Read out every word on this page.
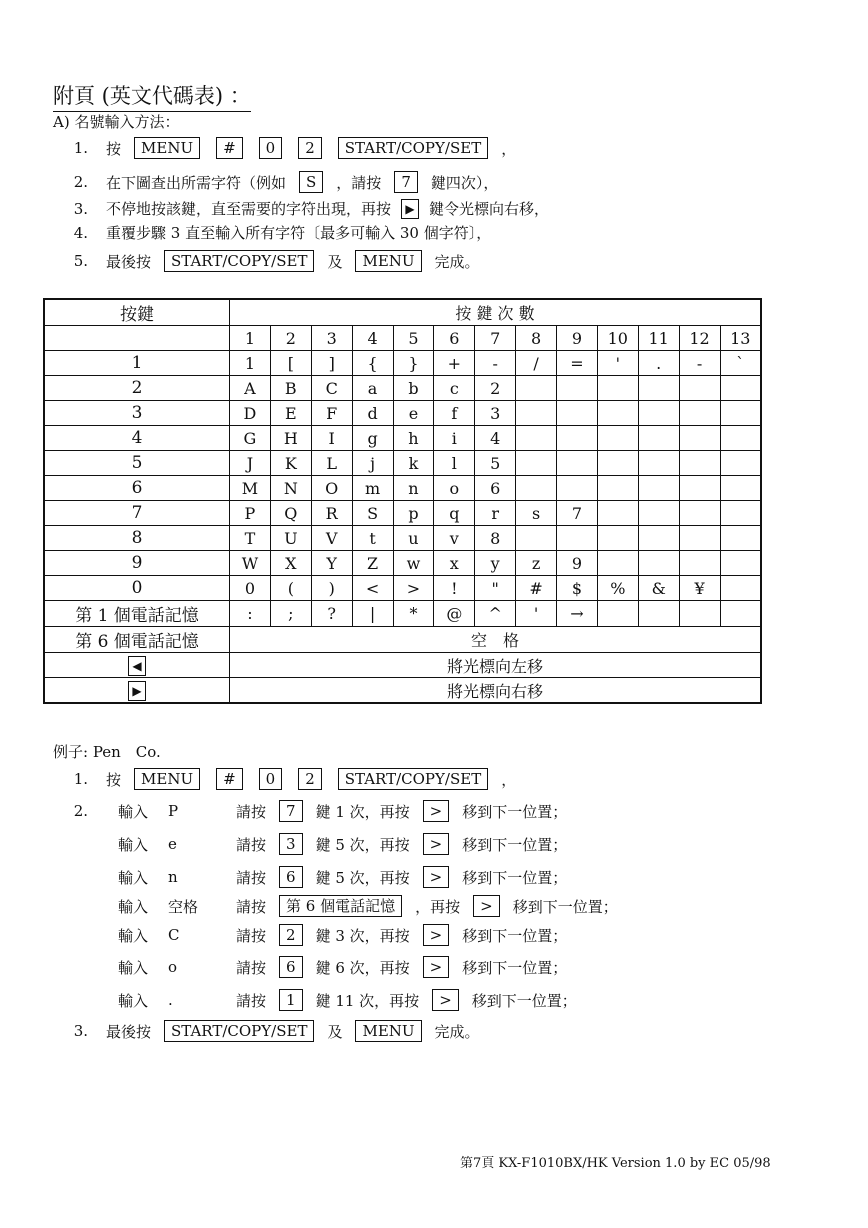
附頁 (英文代碼表) ：
A) 名號輸入方法：
1. 按	MENU	#	0	2	START/COPY/SET	，
2. 在下圖查出所需字符（例如	S	，請按	7	鍵四次），
3. 不停地按該鍵，直至需要的字符出現，再按	▶ 鍵令光標向右移，
4. 重覆步驟 3 直至輸入所有字符〔最多可輸入 30 個字符〕，
5. 最後按	START/COPY/SET	及	MENU	完成。
按鍵	按 鍵 次 數												
	1	2	3	4	5	6	7	8	9	10	11	12	13
1	1	[	]	{	}	+	-	/	=	'	.	-	`
2	A	B	C	a	b	c	2						
3	D	E	F	d	e	f	3						
4	G	H	I	g	h	i	4						
5	J	K	L	j	k	l	5						
6	M	N	O	m	n	o	6						
7	P	Q	R	S	p	q	r	s	7				
8	T	U	V	t	u	v	8						
9	W	X	Y	Z	w	x	y	z	9				
0	0	(	)	<	>	!	"	#	$	%	&	¥	
第 1 個電話記憶	:	;	?	|	*	@	^	'	→				
第 6 個電話記憶	空　格												
◀	將光標向左移												
▶	將光標向右移												
例子: Pen　Co.
1. 按	MENU	#	0	2	START/COPY/SET	，
2. 輸入	P	請按	7	鍵 1 次，再按	>	移到下一位置；
輸入	e	請按	3	鍵 5 次，再按	>	移到下一位置；
輸入	n	請按	6	鍵 5 次，再按	>	移到下一位置；
輸入	空格	請按	第 6 個電話記憶	，再按	>	移到下一位置；
輸入	C	請按	2	鍵 3 次，再按	>	移到下一位置；
輸入	o	請按	6	鍵 6 次，再按	>	移到下一位置；
輸入	.	請按	1	鍵 11 次，再按	>	移到下一位置；
3. 最後按	START/COPY/SET	及	MENU	完成。
第7頁 KX-F1010BX/HK Version 1.0 by EC 05/98
